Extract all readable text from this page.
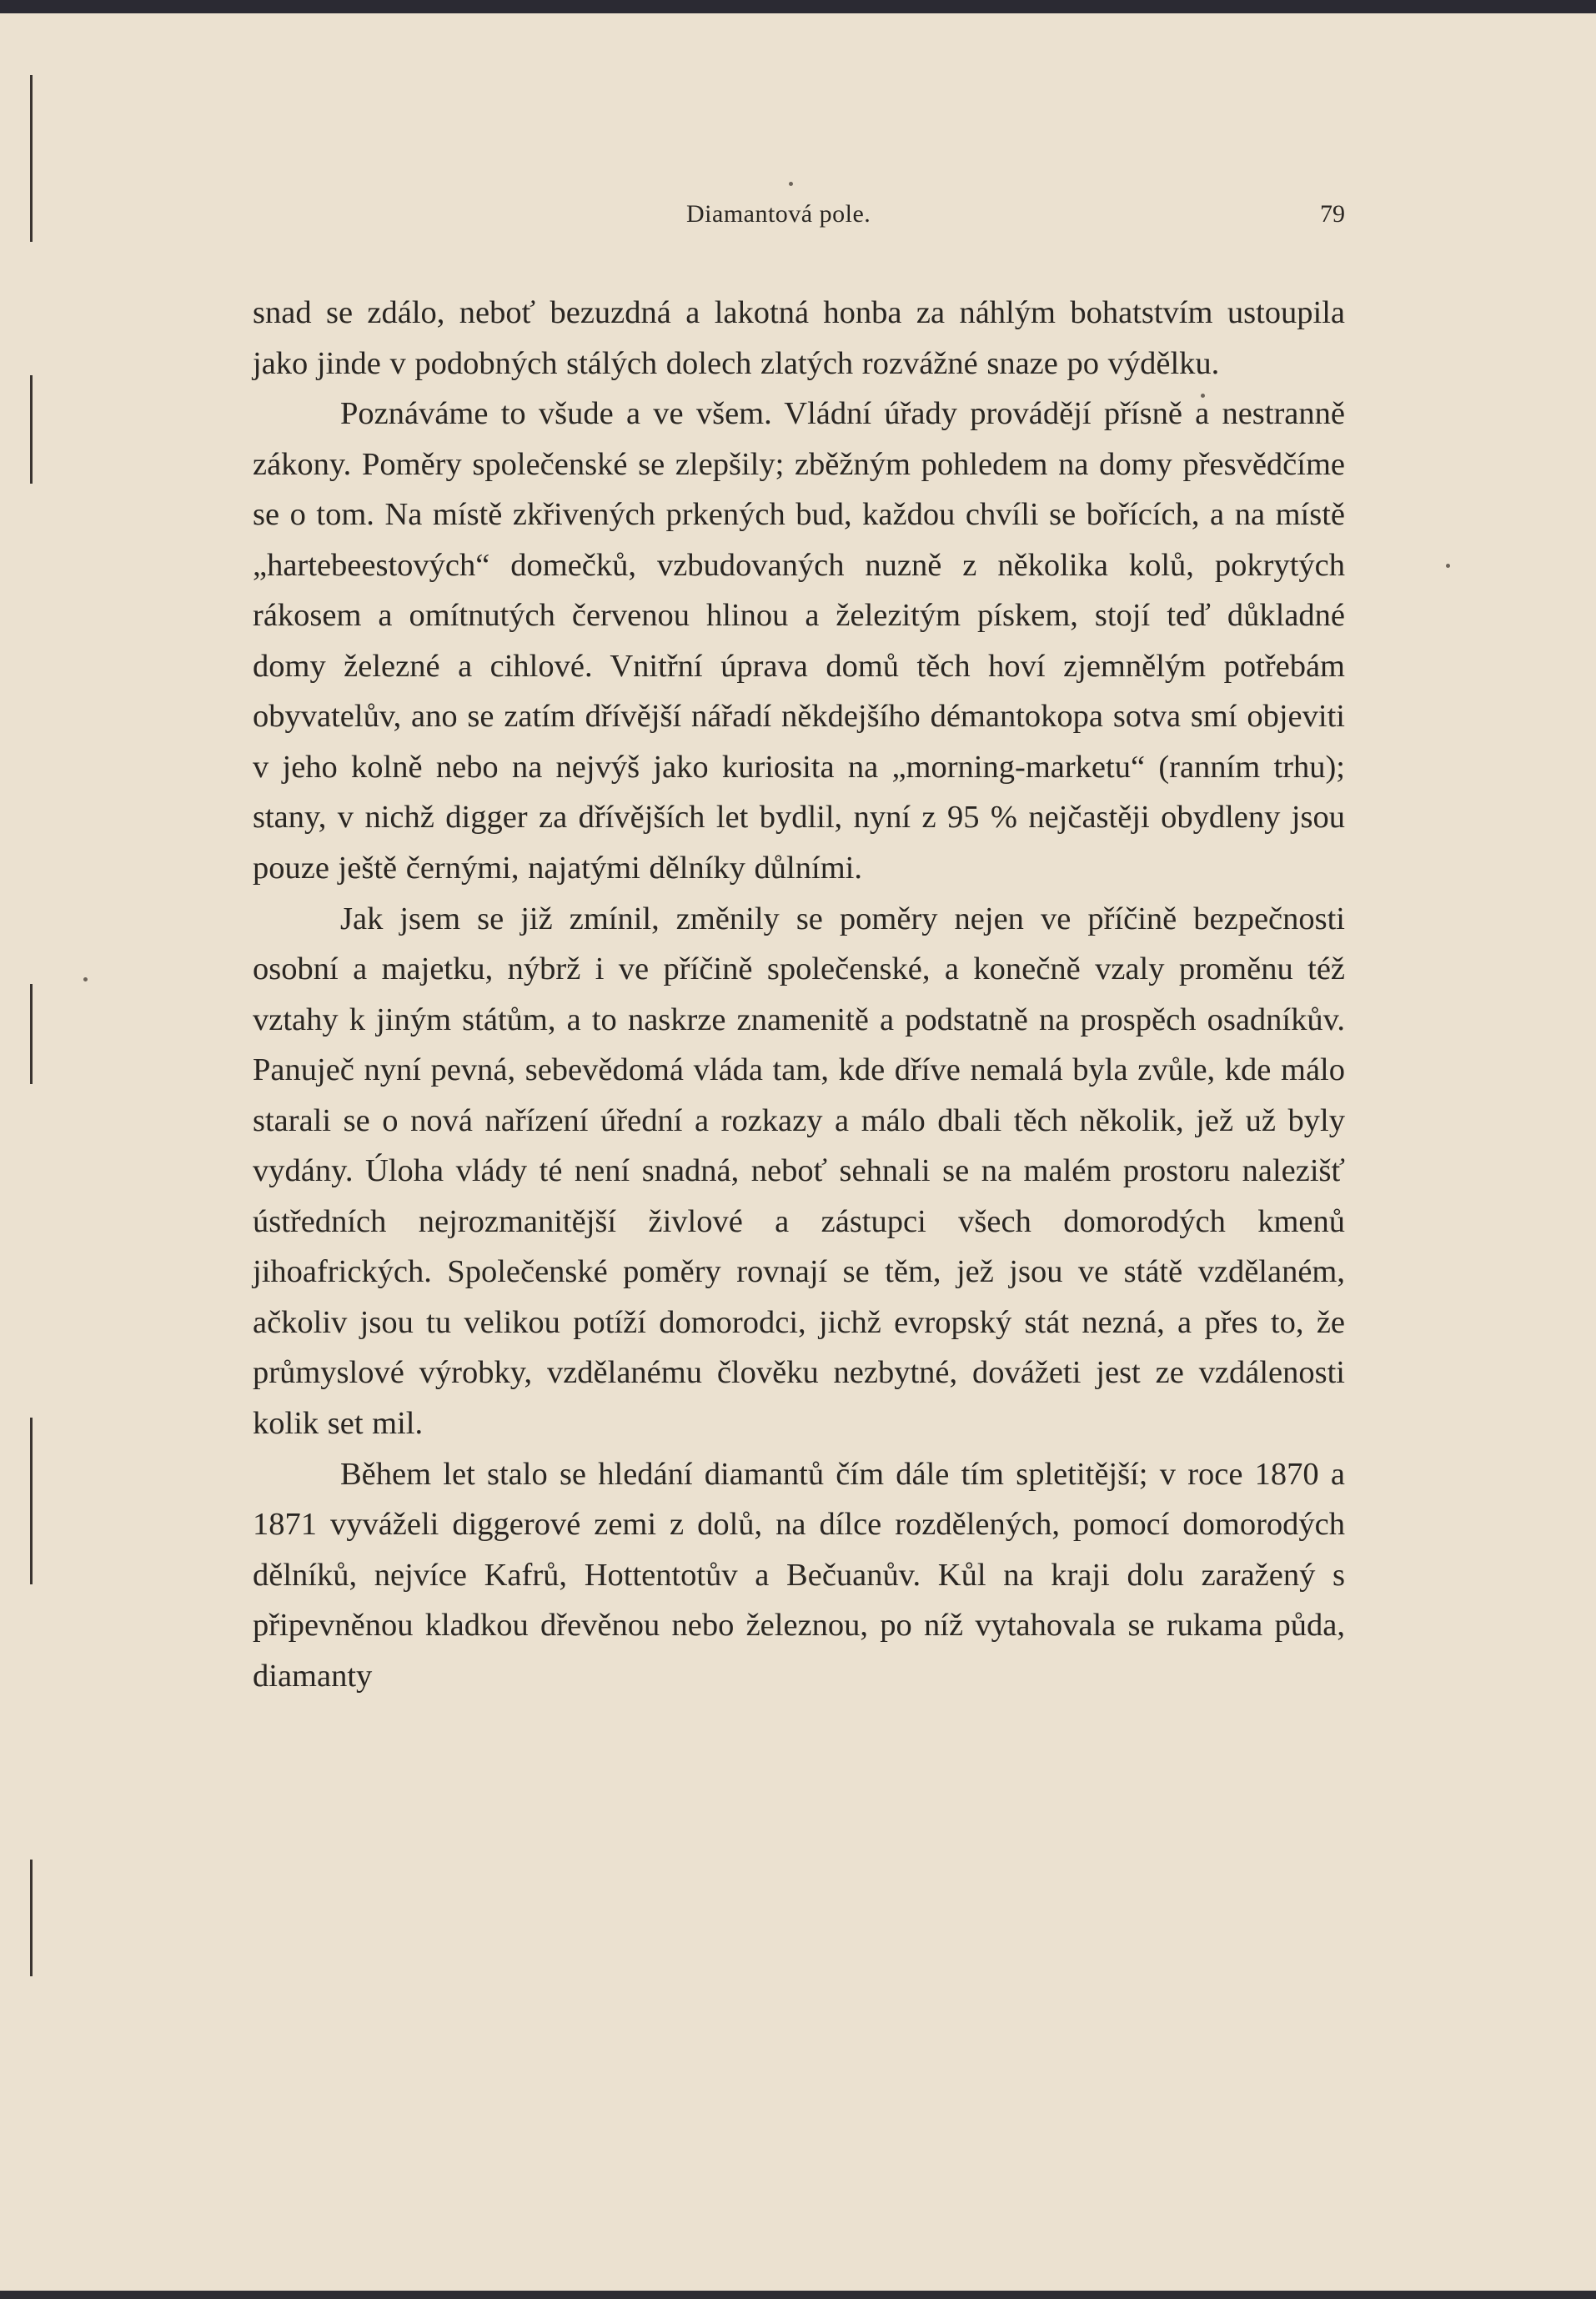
Diamantová pole.	79

snad se zdálo, neboť bezuzdná a lakotná honba za náhlým bohatstvím ustoupila jako jinde v podobných stálých dolech zlatých rozvážné snaze po výdělku.

Poznáváme to všude a ve všem. Vládní úřady provádějí přísně a nestranně zákony. Poměry společenské se zlepšily; zběžným pohledem na domy přesvědčíme se o tom. Na místě zkřivených prkených bud, každou chvíli se bořících, a na místě „hartebeestových“ domečků, vzbudovaných nuzně z několika kolů, pokrytých rákosem a omítnutých červenou hlinou a železitým pískem, stojí teď důkladné domy železné a cihlové. Vnitřní úprava domů těch hoví zjemnělým potřebám obyvatelův, ano se zatím dřívější nářadí někdejšího démantokopa sotva smí objeviti v jeho kolně nebo na nejvýš jako kuriosita na „morning-marketu“ (ranním trhu); stany, v nichž digger za dřívějších let bydlil, nyní z 95 % nejčastěji obydleny jsou pouze ještě černými, najatými dělníky důlními.

Jak jsem se již zmínil, změnily se poměry nejen ve příčině bezpečnosti osobní a majetku, nýbrž i ve příčině společenské, a konečně vzaly proměnu též vztahy k jiným státům, a to naskrze znamenitě a podstatně na prospěch osadníkův. Panuječ nyní pevná, sebevědomá vláda tam, kde dříve nemalá byla zvůle, kde málo starali se o nová nařízení úřední a rozkazy a málo dbali těch několik, jež už byly vydány. Úloha vlády té není snadná, neboť sehnali se na malém prostoru nalezišť ústředních nejrozmanitější živlové a zástupci všech domorodých kmenů jihoafrických. Společenské poměry rovnají se těm, jež jsou ve státě vzdělaném, ačkoliv jsou tu velikou potíží domorodci, jichž evropský stát nezná, a přes to, že průmyslové výrobky, vzdělanému člověku nezbytné, dovážeti jest ze vzdálenosti kolik set mil.

Během let stalo se hledání diamantů čím dále tím spletitější; v roce 1870 a 1871 vyváželi diggerové zemi z dolů, na dílce rozdělených, pomocí domorodých dělníků, nejvíce Kafrů, Hottentotův a Bečuanův. Kůl na kraji dolu zaražený s připevněnou kladkou dřevěnou nebo železnou, po níž vytahovala se rukama půda, diamanty
